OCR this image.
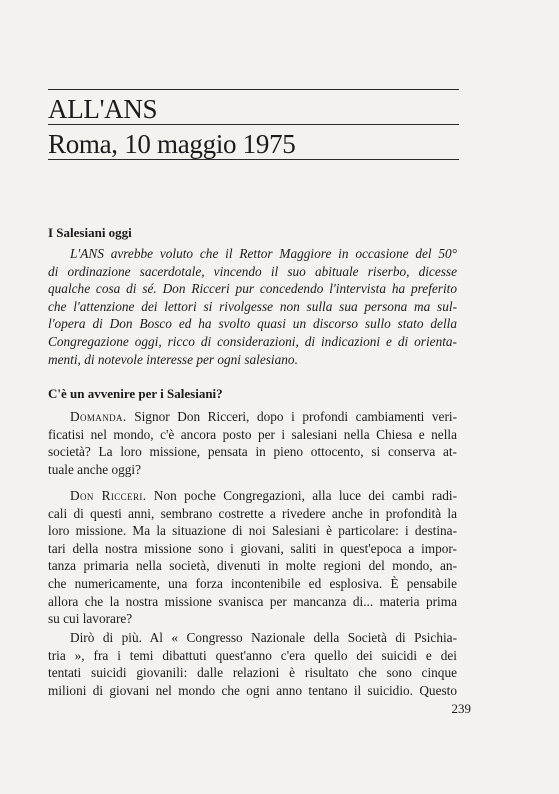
ALL'ANS
Roma, 10 maggio 1975
I Salesiani oggi
L'ANS avrebbe voluto che il Rettor Maggiore in occasione del 50°
di ordinazione sacerdotale, vincendo il suo abituale riserbo, dicesse
qualche cosa di sé. Don Ricceri pur concedendo l'intervista ha preferito
che l'attenzione dei lettori si rivolgesse non sulla sua persona ma sul-
l'opera di Don Bosco ed ha svolto quasi un discorso sullo stato della
Congregazione oggi, ricco di considerazioni, di indicazioni e di orienta-
menti, di notevole interesse per ogni salesiano.
C'è un avvenire per i Salesiani?
Domanda. Signor Don Ricceri, dopo i profondi cambiamenti veri-
ficatisi nel mondo, c'è ancora posto per i salesiani nella Chiesa e nella
società? La loro missione, pensata in pieno ottocento, si conserva at-
tuale anche oggi?
Don Ricceri. Non poche Congregazioni, alla luce dei cambi radi-
cali di questi anni, sembrano costrette a rivedere anche in profondità la
loro missione. Ma la situazione di noi Salesiani è particolare: i destina-
tari della nostra missione sono i giovani, saliti in quest'epoca a impor-
tanza primaria nella società, divenuti in molte regioni del mondo, an-
che numericamente, una forza incontenibile ed esplosiva. È pensabile
allora che la nostra missione svanisca per mancanza di... materia prima
su cui lavorare?
Dirò di più. Al « Congresso Nazionale della Società di Psichia-
tria », fra i temi dibattuti quest'anno c'era quello dei suicidi e dei
tentati suicidi giovanili: dalle relazioni è risultato che sono cinque
milioni di giovani nel mondo che ogni anno tentano il suicidio. Questo
239
